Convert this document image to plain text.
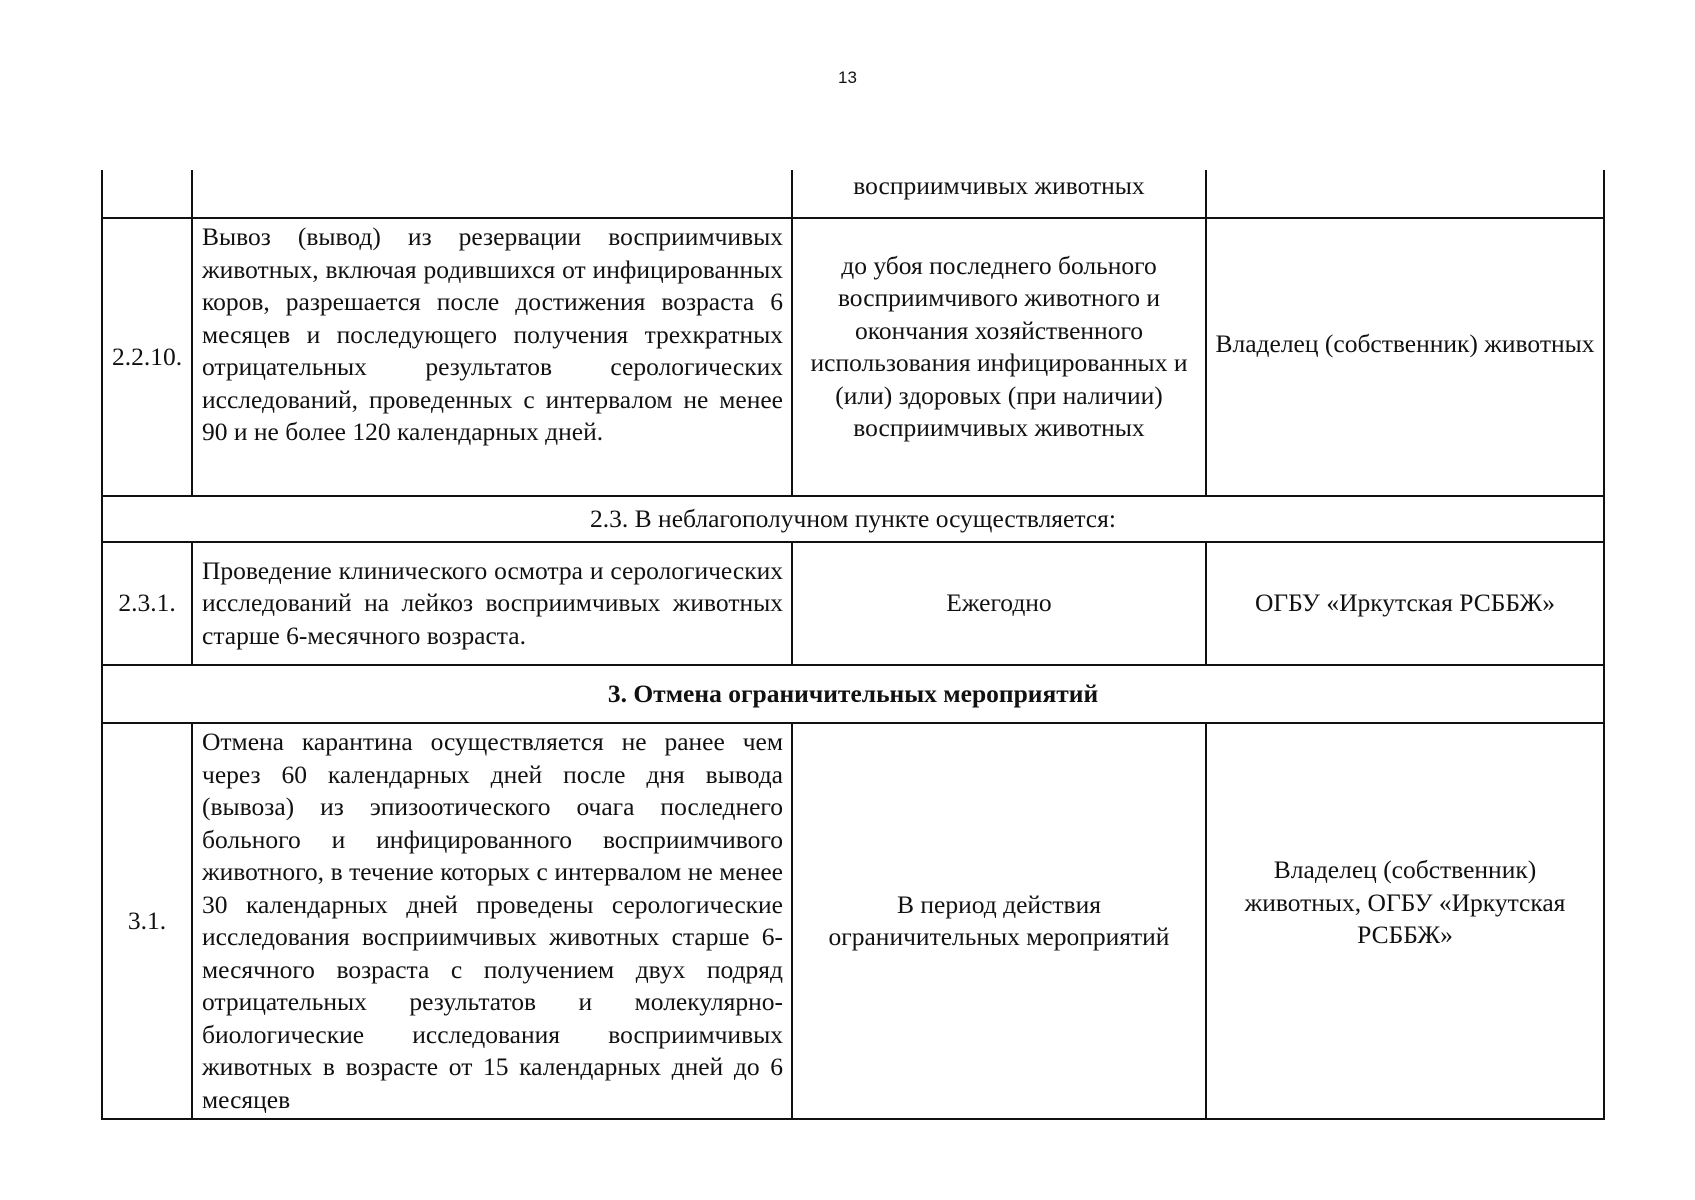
13
		восприимчивых животных	
2.2.10.	Вывоз (вывод) из резервации восприимчивых животных, включая родившихся от инфицированных коров, разрешается после достижения возраста 6 месяцев и последующего получения трехкратных отрицательных результатов серологических исследований, проведенных с интервалом не менее 90 и не более 120 календарных дней.	до убоя последнего больного восприимчивого животного и окончания хозяйственного использования инфицированных и (или) здоровых (при наличии) восприимчивых животных	Владелец (собственник) животных
2.3. В неблагополучном пункте осуществляется:			
2.3.1.	Проведение клинического осмотра и серологических исследований на лейкоз восприимчивых животных старше 6-месячного возраста.	Ежегодно	ОГБУ «Иркутская РСББЖ»
3. Отмена ограничительных мероприятий			
3.1.	Отмена карантина осуществляется не ранее чем через 60 календарных дней после дня вывода (вывоза) из эпизоотического очага последнего больного и инфицированного восприимчивого животного, в течение которых с интервалом не менее 30 календарных дней проведены серологические исследования восприимчивых животных старше 6-месячного возраста с получением двух подряд отрицательных результатов и молекулярно-биологические исследования восприимчивых животных в возрасте от 15 календарных дней до 6 месяцев	В период действия ограничительных мероприятий	Владелец (собственник) животных, ОГБУ «Иркутская РСББЖ»
